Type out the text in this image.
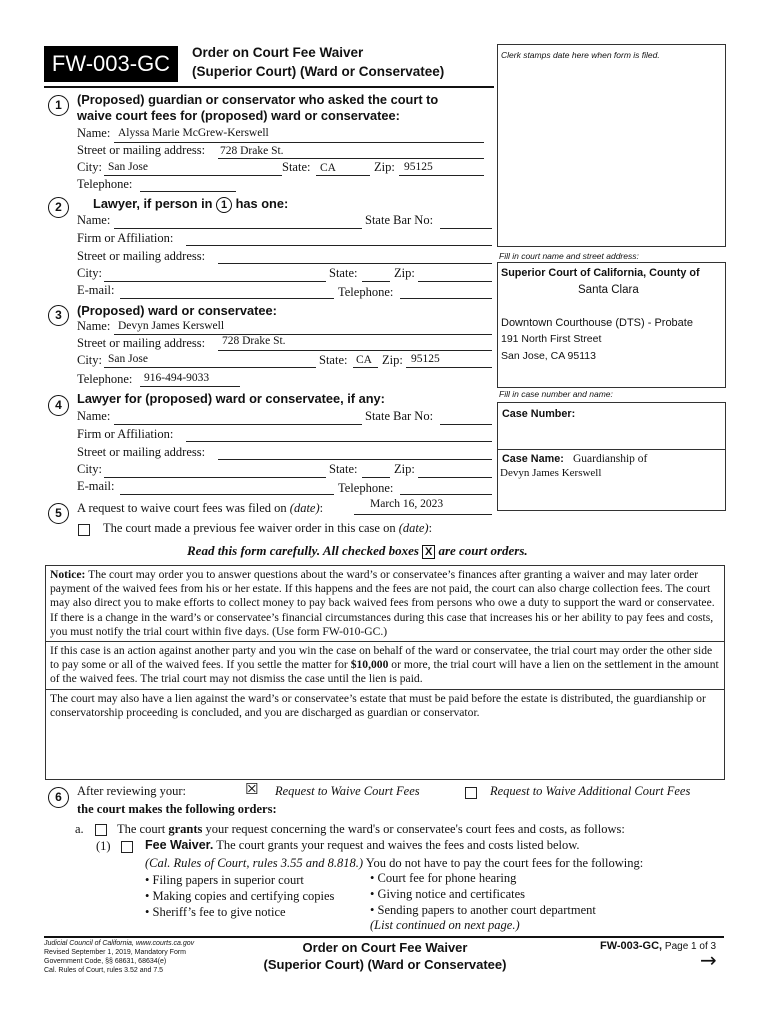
FW-003-GC	Order on Court Fee Waiver
(Superior Court) (Ward or Conservatee)
Clerk stamps date here when form is filed.
1	(Proposed) guardian or conservator who asked the court to
waive court fees for (proposed) ward or conservatee:
Name: Alyssa Marie McGrew-Kerswell
Street or mailing address: 728 Drake St.
City: San Jose	State: CA	Zip: 95125
Telephone:
2	Lawyer, if person in 1 has one:
Name:	State Bar No:
Firm or Affiliation:
Street or mailing address:
City:	State:	Zip:
E-mail:	Telephone:
Fill in court name and street address:
Superior Court of California, County of
Santa Clara
Downtown Courthouse (DTS) - Probate
191 North First Street
San Jose, CA 95113
3	(Proposed) ward or conservatee:
Name: Devyn James Kerswell
Street or mailing address: 728 Drake St.
City: San Jose	State: CA Zip: 95125
Telephone: 916-494-9033
Fill in case number and name:
Case Number:
Case Name: Guardianship of
Devyn James Kerswell
4	Lawyer for (proposed) ward or conservatee, if any:
Name:	State Bar No:
Firm or Affiliation:
Street or mailing address:
City:	State:	Zip:
E-mail:	Telephone:
5	A request to waive court fees was filed on (date):	March 16, 2023
The court made a previous fee waiver order in this case on (date):
Read this form carefully. All checked boxes X are court orders.

Notice: The court may order you to answer questions about the ward’s or conservatee’s finances after granting a waiver and may later order payment of the waived fees from his or her estate. If this happens and the fees are not paid, the court can also charge collection fees. The court may also direct you to make efforts to collect money to pay back waived fees from persons who owe a duty to support the ward or conservatee. If there is a change in the ward’s or conservatee’s financial circumstances during this case that increases his or her ability to pay fees and costs, you must notify the trial court within five days. (Use form FW-010-GC.)

If this case is an action against another party and you win the case on behalf of the ward or conservatee, the trial court may order the other side to pay some or all of the waived fees. If you settle the matter for $10,000 or more, the trial court will have a lien on the settlement in the amount of the waived fees. The trial court may not dismiss the case until the lien is paid.

The court may also have a lien against the ward’s or conservatee’s estate that must be paid before the estate is distributed, the guardianship or conservatorship proceeding is concluded, and you are discharged as guardian or conservator.

6	After reviewing your:	☒ Request to Waive Court Fees	Request to Waive Additional Court Fees
the court makes the following orders:
a.	The court grants your request concerning the ward's or conservatee's court fees and costs, as follows:
(1)	Fee Waiver. The court grants your request and waives the fees and costs listed below.
(Cal. Rules of Court, rules 3.55 and 8.818.) You do not have to pay the court fees for the following:
• Filing papers in superior court
• Making copies and certifying copies
• Sheriff’s fee to give notice
• Court fee for phone hearing
• Giving notice and certificates
• Sending papers to another court department
(List continued on next page.)
Judicial Council of California, www.courts.ca.gov
Revised September 1, 2019, Mandatory Form
Government Code, §§ 68631, 68634(e)
Cal. Rules of Court, rules 3.52 and 7.5
Order on Court Fee Waiver
(Superior Court) (Ward or Conservatee)
FW-003-GC, Page 1 of 3
→
